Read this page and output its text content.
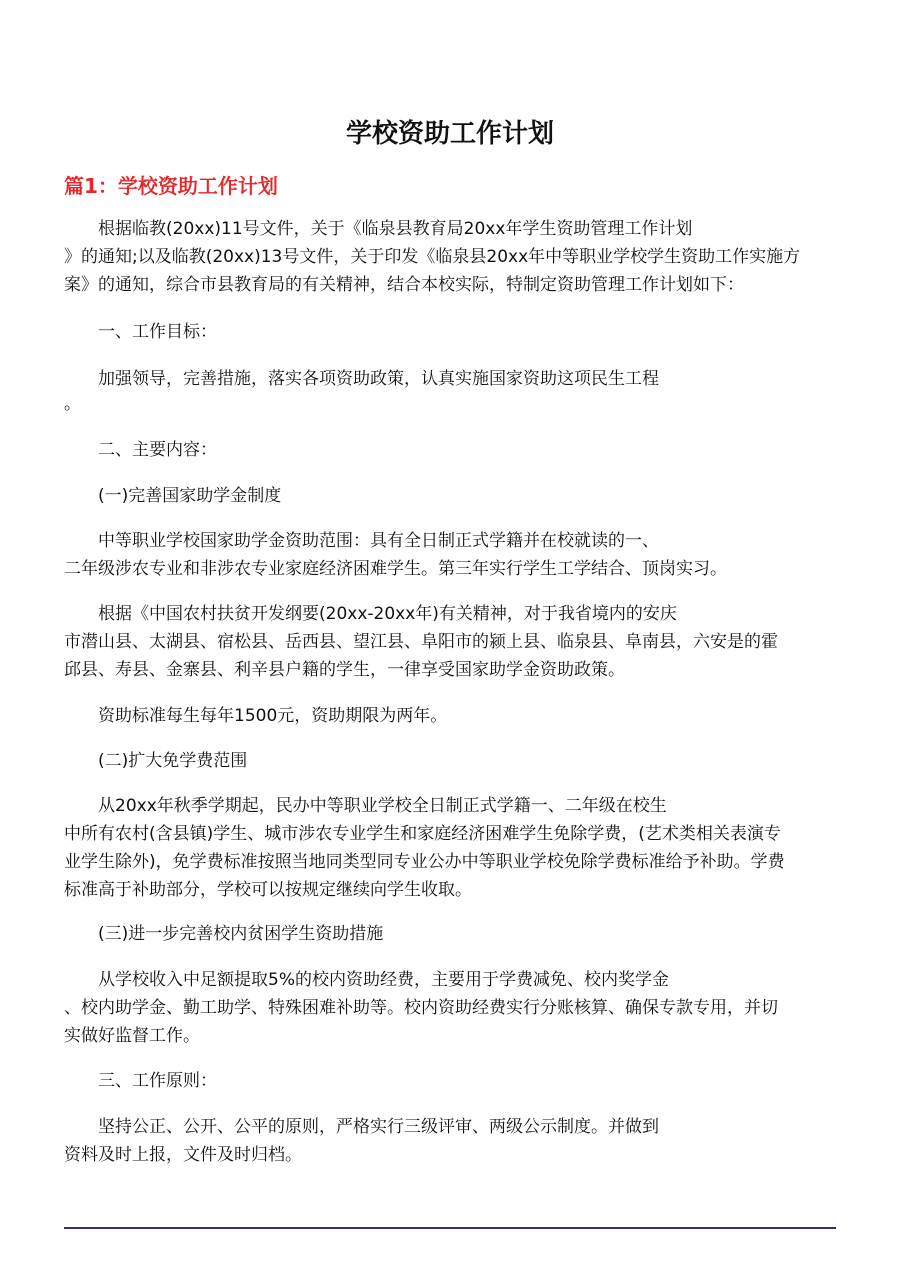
学校资助工作计划
篇1：学校资助工作计划
根据临教(20xx)11号文件，关于《临泉县教育局20xx年学生资助管理工作计划
》的通知;以及临教(20xx)13号文件，关于印发《临泉县20xx年中等职业学校学生资助工作实施方
案》的通知，综合市县教育局的有关精神，结合本校实际，特制定资助管理工作计划如下：
一、工作目标：
加强领导，完善措施，落实各项资助政策，认真实施国家资助这项民生工程
。
二、主要内容：
(一)完善国家助学金制度
中等职业学校国家助学金资助范围：具有全日制正式学籍并在校就读的一、
二年级涉农专业和非涉农专业家庭经济困难学生。第三年实行学生工学结合、顶岗实习。
根据《中国农村扶贫开发纲要(20xx-20xx年)有关精神，对于我省境内的安庆
市潜山县、太湖县、宿松县、岳西县、望江县、阜阳市的颍上县、临泉县、阜南县，六安是的霍
邱县、寿县、金寨县、利辛县户籍的学生，一律享受国家助学金资助政策。
资助标准每生每年1500元，资助期限为两年。
(二)扩大免学费范围
从20xx年秋季学期起，民办中等职业学校全日制正式学籍一、二年级在校生
中所有农村(含县镇)学生、城市涉农专业学生和家庭经济困难学生免除学费，(艺术类相关表演专
业学生除外)，免学费标准按照当地同类型同专业公办中等职业学校免除学费标准给予补助。学费
标准高于补助部分，学校可以按规定继续向学生收取。
(三)进一步完善校内贫困学生资助措施
从学校收入中足额提取5%的校内资助经费，主要用于学费减免、校内奖学金
、校内助学金、勤工助学、特殊困难补助等。校内资助经费实行分账核算、确保专款专用，并切
实做好监督工作。
三、工作原则：
坚持公正、公开、公平的原则，严格实行三级评审、两级公示制度。并做到
资料及时上报，文件及时归档。
